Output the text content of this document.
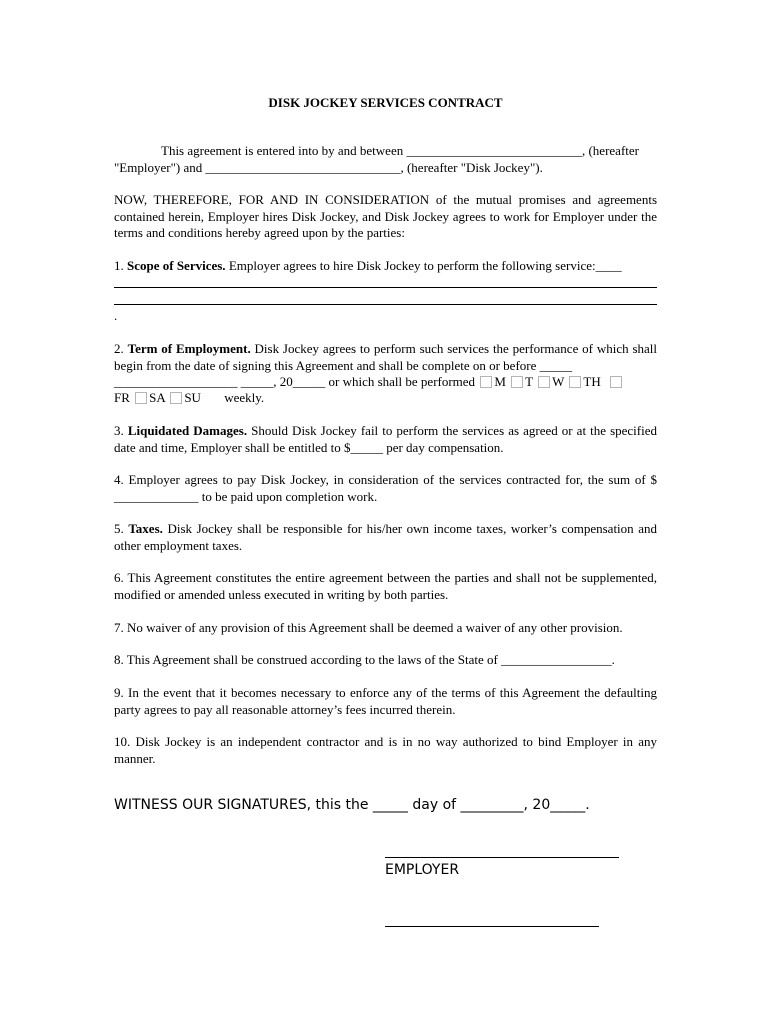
DISK JOCKEY SERVICES CONTRACT
This agreement is entered into by and between ___________________________, (hereafter
"Employer") and ______________________________, (hereafter "Disk Jockey").
NOW, THEREFORE, FOR AND IN CONSIDERATION of the mutual promises and agreements contained herein, Employer hires Disk Jockey, and Disk Jockey agrees to work for Employer under the terms and conditions hereby agreed upon by the parties:
1. Scope of Services. Employer agrees to hire Disk Jockey to perform the following service:____
.
2. Term of Employment. Disk Jockey agrees to perform such services the performance of which shall begin from the date of signing this Agreement and shall be complete on or before _____
___________________ _____, 20_____ or which shall be performed M T W TH
FR SA SU weekly.
3. Liquidated Damages. Should Disk Jockey fail to perform the services as agreed or at the specified date and time, Employer shall be entitled to $_____ per day compensation.
4. Employer agrees to pay Disk Jockey, in consideration of the services contracted for, the sum of $ _____________ to be paid upon completion work.
5. Taxes. Disk Jockey shall be responsible for his/her own income taxes, worker’s compensation and other employment taxes.
6. This Agreement constitutes the entire agreement between the parties and shall not be supplemented, modified or amended unless executed in writing by both parties.
7. No waiver of any provision of this Agreement shall be deemed a waiver of any other provision.
8. This Agreement shall be construed according to the laws of the State of _________________.
9. In the event that it becomes necessary to enforce any of the terms of this Agreement the defaulting party agrees to pay all reasonable attorney’s fees incurred therein.
10. Disk Jockey is an independent contractor and is in no way authorized to bind Employer in any manner.
WITNESS OUR SIGNATURES, this the _____ day of _________, 20_____.
EMPLOYER
